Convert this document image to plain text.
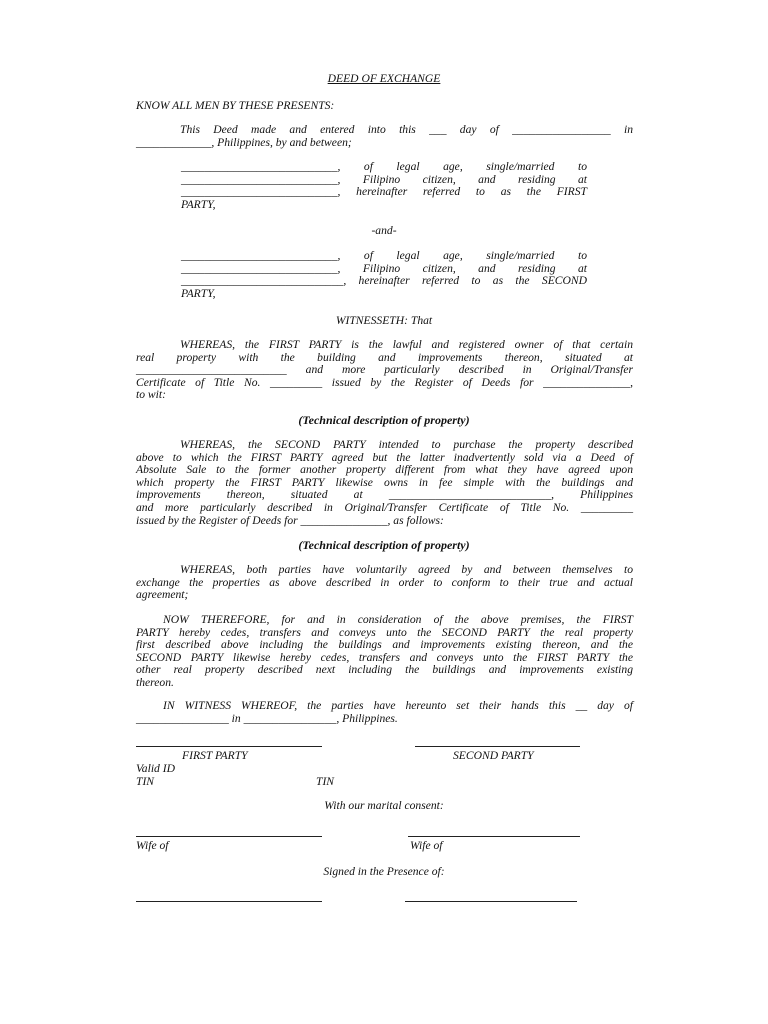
DEED OF EXCHANGE
KNOW ALL MEN BY THESE PRESENTS:
This Deed made and entered into this ___ day of _________________ in
_____________, Philippines, by and between;
___________________________, of legal age, single/married to
___________________________, Filipino citizen, and residing at
___________________________, hereinafter referred to as the FIRST
PARTY,
-and-
___________________________, of legal age, single/married to
___________________________, Filipino citizen, and residing at
____________________________, hereinafter referred to as the SECOND
PARTY,
WITNESSETH: That
WHEREAS, the FIRST PARTY is the lawful and registered owner of that certain
real property with the building and improvements thereon, situated at
__________________________ and more particularly described in Original/Transfer
Certificate of Title No. _________ issued by the Register of Deeds for _______________,
to wit:
(Technical description of property)
WHEREAS, the SECOND PARTY intended to purchase the property described
above to which the FIRST PARTY agreed but the latter inadvertently sold via a Deed of
Absolute Sale to the former another property different from what they have agreed upon
which property the FIRST PARTY likewise owns in fee simple with the buildings and
improvements thereon, situated at ____________________________, Philippines
and more particularly described in Original/Transfer Certificate of Title No. _________
issued by the Register of Deeds for _______________, as follows:
(Technical description of property)
WHEREAS, both parties have voluntarily agreed by and between themselves to
exchange the properties as above described in order to conform to their true and actual
agreement;
NOW THEREFORE, for and in consideration of the above premises, the FIRST
PARTY hereby cedes, transfers and conveys unto the SECOND PARTY the real property
first described above including the buildings and improvements existing thereon, and the
SECOND PARTY likewise hereby cedes, transfers and conveys unto the FIRST PARTY the
other real property described next including the buildings and improvements existing
thereon.
IN WITNESS WHEREOF, the parties have hereunto set their hands this __ day of
________________ in ________________, Philippines.
FIRST PARTY	SECOND PARTY
Valid ID
TIN	TIN
With our marital consent:
Wife of	Wife of
Signed in the Presence of:
